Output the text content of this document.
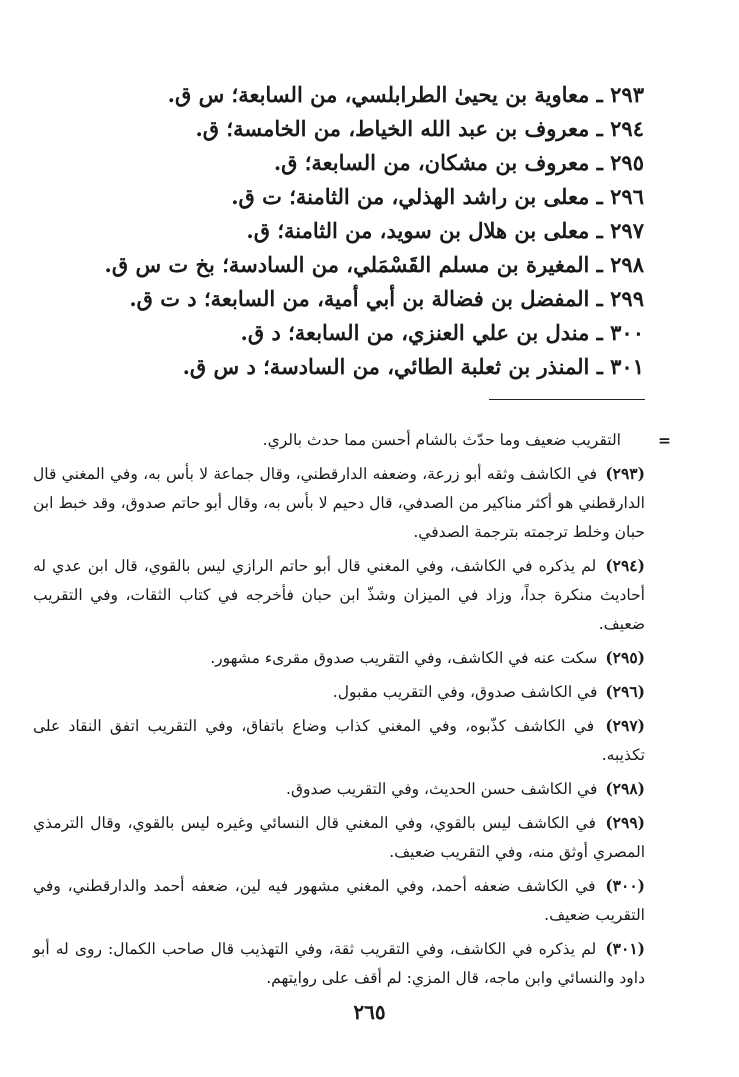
٢٩٣ ـ معاوية بن يحيىٰ الطرابلسي، من السابعة؛ س ق.
٢٩٤ ـ معروف بن عبد الله الخياط، من الخامسة؛ ق.
٢٩٥ ـ معروف بن مشكان، من السابعة؛ ق.
٢٩٦ ـ معلى بن راشد الهذلي، من الثامنة؛ ت ق.
٢٩٧ ـ معلى بن هلال بن سويد، من الثامنة؛ ق.
٢٩٨ ـ المغيرة بن مسلم القَسْمَلي، من السادسة؛ بخ ت س ق.
٢٩٩ ـ المفضل بن فضالة بن أبي أمية، من السابعة؛ د ت ق.
٣٠٠ ـ مندل بن علي العنزي، من السابعة؛ د ق.
٣٠١ ـ المنذر بن ثعلبة الطائي، من السادسة؛ د س ق.
=
التقريب ضعيف وما حدّث بالشام أحسن مما حدث بالري.
(٢٩٣) في الكاشف وثقه أبو زرعة، وضعفه الدارقطني، وقال جماعة لا بأس به، وفي المغني قال الدارقطني هو أكثر مناكير من الصدفي، قال دحيم لا بأس به، وقال أبو حاتم صدوق، وقد خبط ابن حبان وخلط ترجمته بترجمة الصدفي.
(٢٩٤) لم يذكره في الكاشف، وفي المغني قال أبو حاتم الرازي ليس بالقوي، قال ابن عدي له أحاديث منكرة جداً، وزاد في الميزان وشذّ ابن حبان فأخرجه في كتاب الثقات، وفي التقريب ضعيف.
(٢٩٥) سكت عنه في الكاشف، وفي التقريب صدوق مقرىء مشهور.
(٢٩٦) في الكاشف صدوق، وفي التقريب مقبول.
(٢٩٧) في الكاشف كذّبوه، وفي المغني كذاب وضاع باتفاق، وفي التقريب اتفق النقاد على تكذيبه.
(٢٩٨) في الكاشف حسن الحديث، وفي التقريب صدوق.
(٢٩٩) في الكاشف ليس بالقوي، وفي المغني قال النسائي وغيره ليس بالقوي، وقال الترمذي المصري أوثق منه، وفي التقريب ضعيف.
(٣٠٠) في الكاشف ضعفه أحمد، وفي المغني مشهور فيه لين، ضعفه أحمد والدارقطني، وفي التقريب ضعيف.
(٣٠١) لم يذكره في الكاشف، وفي التقريب ثقة، وفي التهذيب قال صاحب الكمال: روى له أبو داود والنسائي وابن ماجه، قال المزي: لم أقف على روايتهم.
٢٦٥
